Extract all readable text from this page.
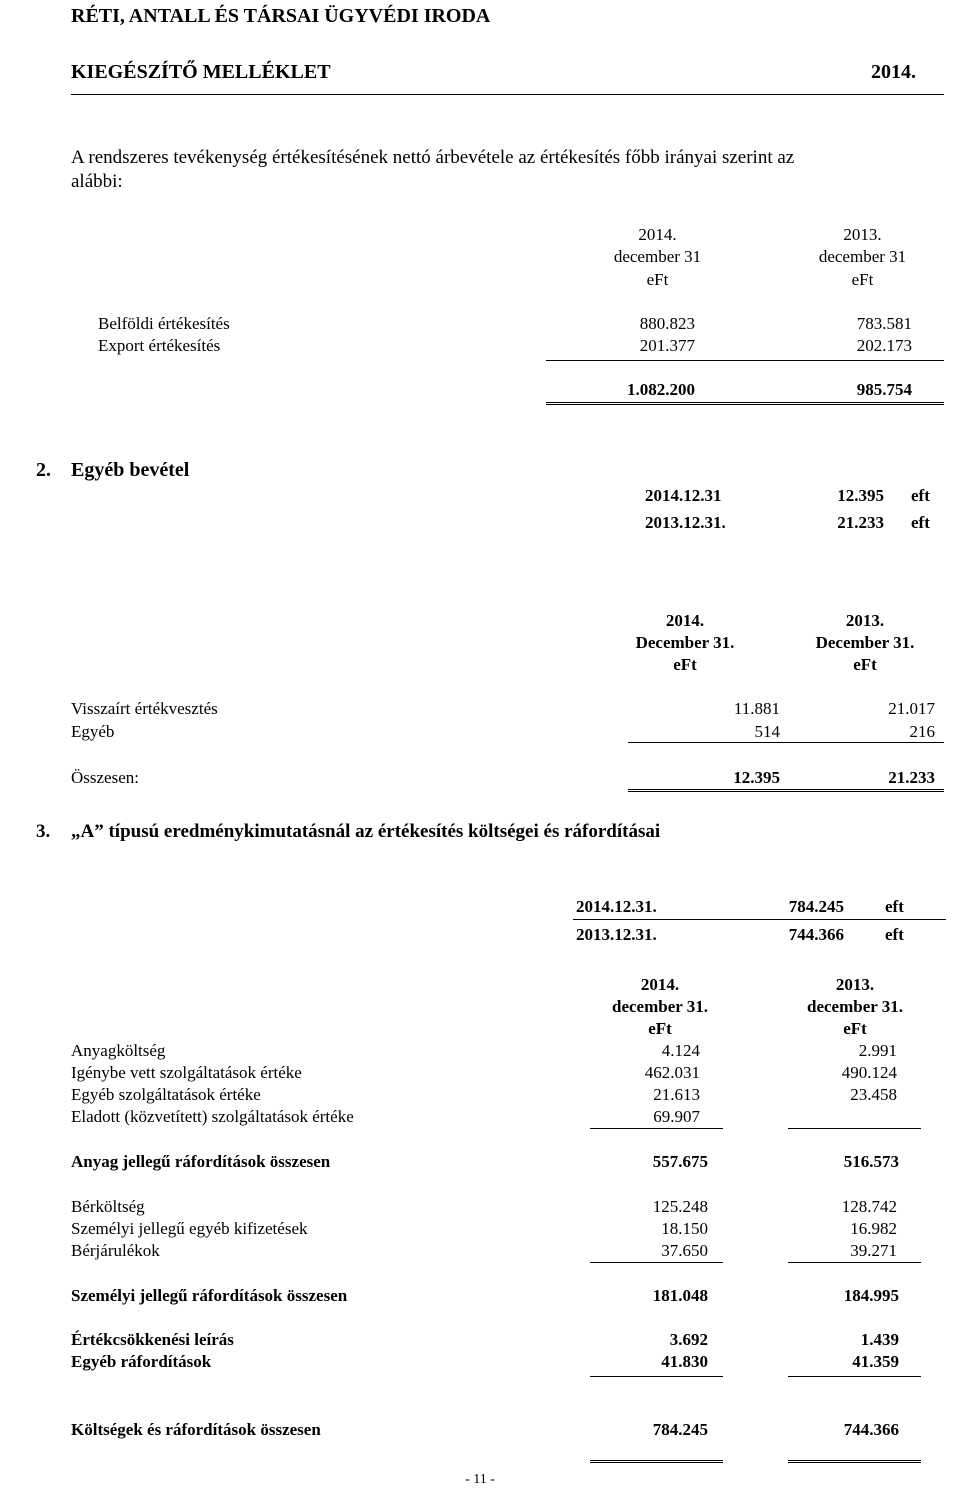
RÉTI, ANTALL ÉS TÁRSAI ÜGYVÉDI IRODA
KIEGÉSZÍTŐ MELLÉKLET	2014.
A rendszeres tevékenység értékesítésének nettó árbevétele az értékesítés főbb irányai szerint az
alábbi:
2014.
december 31
eFt
2013.
december 31
eFt
Belföldi értékesítés	880.823	783.581
Export értékesítés	201.377	202.173
1.082.200	985.754
2. Egyéb bevétel
2014.12.31	12.395 eft
2013.12.31.	21.233 eft
2014.
December 31.
eFt
2013.
December 31.
eFt
Visszaírt értékvesztés	11.881	21.017
Egyéb	514	216
Összesen:	12.395	21.233
3. „A” típusú eredménykimutatásnál az értékesítés költségei és ráfordításai
2014.12.31.	784.245 eft
2013.12.31.	744.366 eft
2014.
december 31.
eFt
2013.
december 31.
eFt
Anyagköltség	4.124	2.991
Igénybe vett szolgáltatások értéke	462.031	490.124
Egyéb szolgáltatások értéke	21.613	23.458
Eladott (közvetített) szolgáltatások értéke	69.907
Anyag jellegű ráfordítások összesen	557.675	516.573
Bérköltség	125.248	128.742
Személyi jellegű egyéb kifizetések	18.150	16.982
Bérjárulékok	37.650	39.271
Személyi jellegű ráfordítások összesen	181.048	184.995
Értékcsökkenési leírás	3.692	1.439
Egyéb ráfordítások	41.830	41.359
Költségek és ráfordítások összesen	784.245	744.366
- 11 -
